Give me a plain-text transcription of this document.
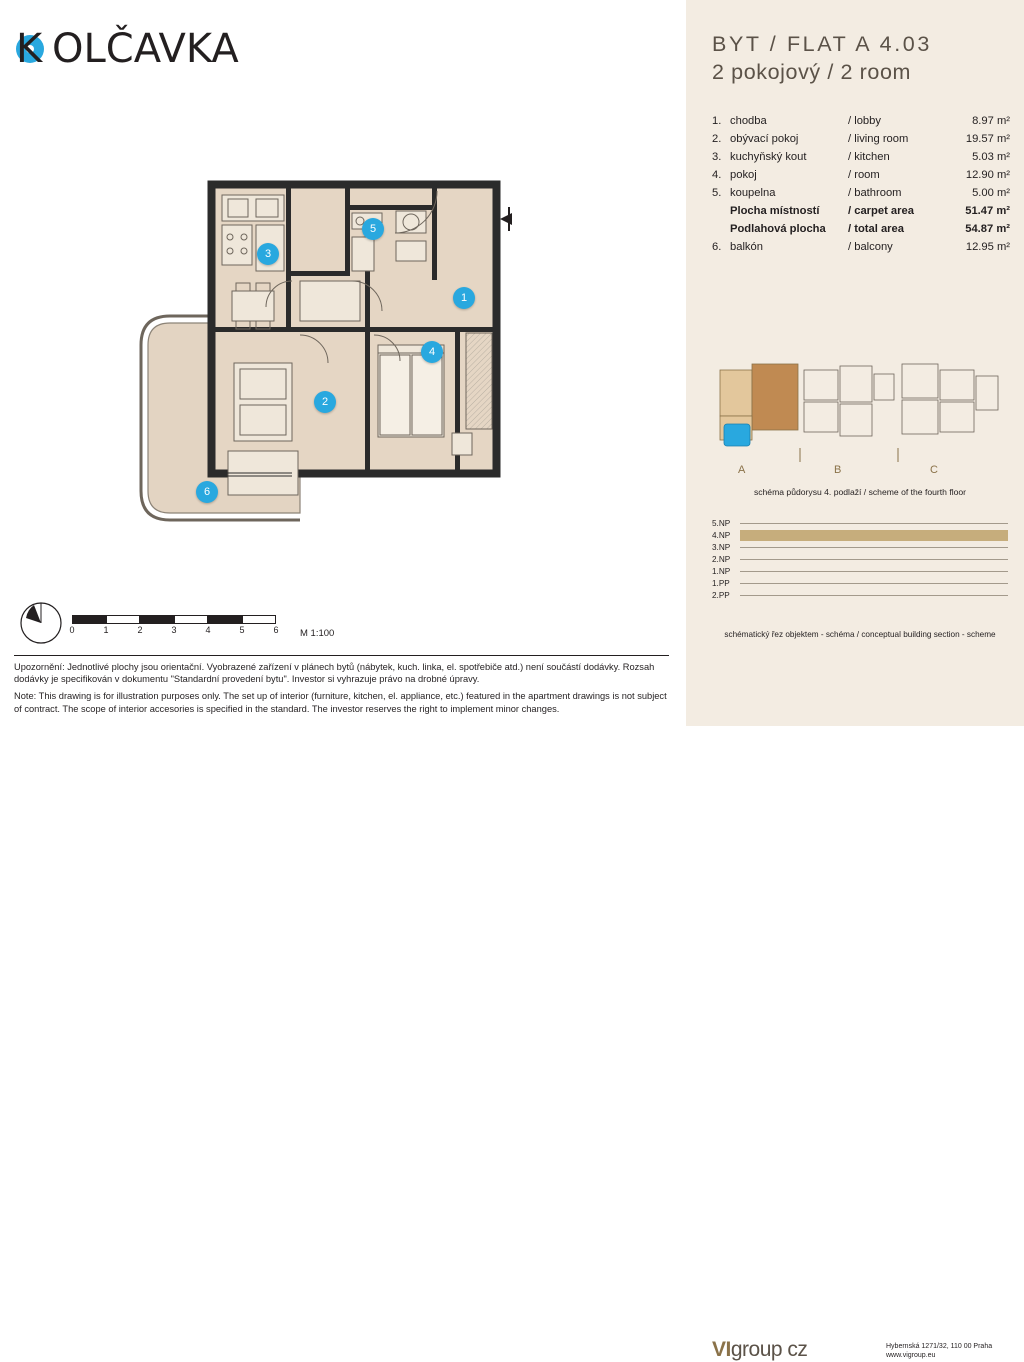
K OLČAVKA
1
2
3
4
5
6
0	1	2	3	4	5	6 M 1:100
Upozornění: Jednotlivé plochy jsou orientační. Vyobrazené zařízení v plánech bytů (nábytek, kuch. linka, el. spotřebiče atd.) není součástí dodávky. Rozsah dodávky je specifikován v dokumentu "Standardní provedení bytu". Investor si vyhrazuje právo na drobné úpravy.
Note: This drawing is for illustration purposes only. The set up of interior (furniture, kitchen, el. appliance, etc.) featured in the apartment drawings is not subject of contract. The scope of interior accesories is specified in the standard. The investor reserves the right to implement minor changes.
BYT / FLAT A 4.03
2 pokojový / 2 room
1.	chodba	/ lobby	8.97 m²
2.	obývací pokoj	/ living room	19.57 m²
3.	kuchyňský kout	/ kitchen	5.03 m²
4.	pokoj	/ room	12.90 m²
5.	koupelna	/ bathroom	5.00 m²
	Plocha místností	/ carpet area	51.47 m²
	Podlahová plocha	/ total area	54.87 m²
6.	balkón	/ balcony	12.95 m²
A	B	C
schéma půdorysu 4. podlaží / scheme of the fourth floor
5.NP
4.NP
3.NP
2.NP
1.NP
1.PP
2.PP
schématický řez objektem - schéma / conceptual building section - scheme
VIgroup cz	Hybernská 1271/32, 110 00 Praha
www.vigroup.eu
